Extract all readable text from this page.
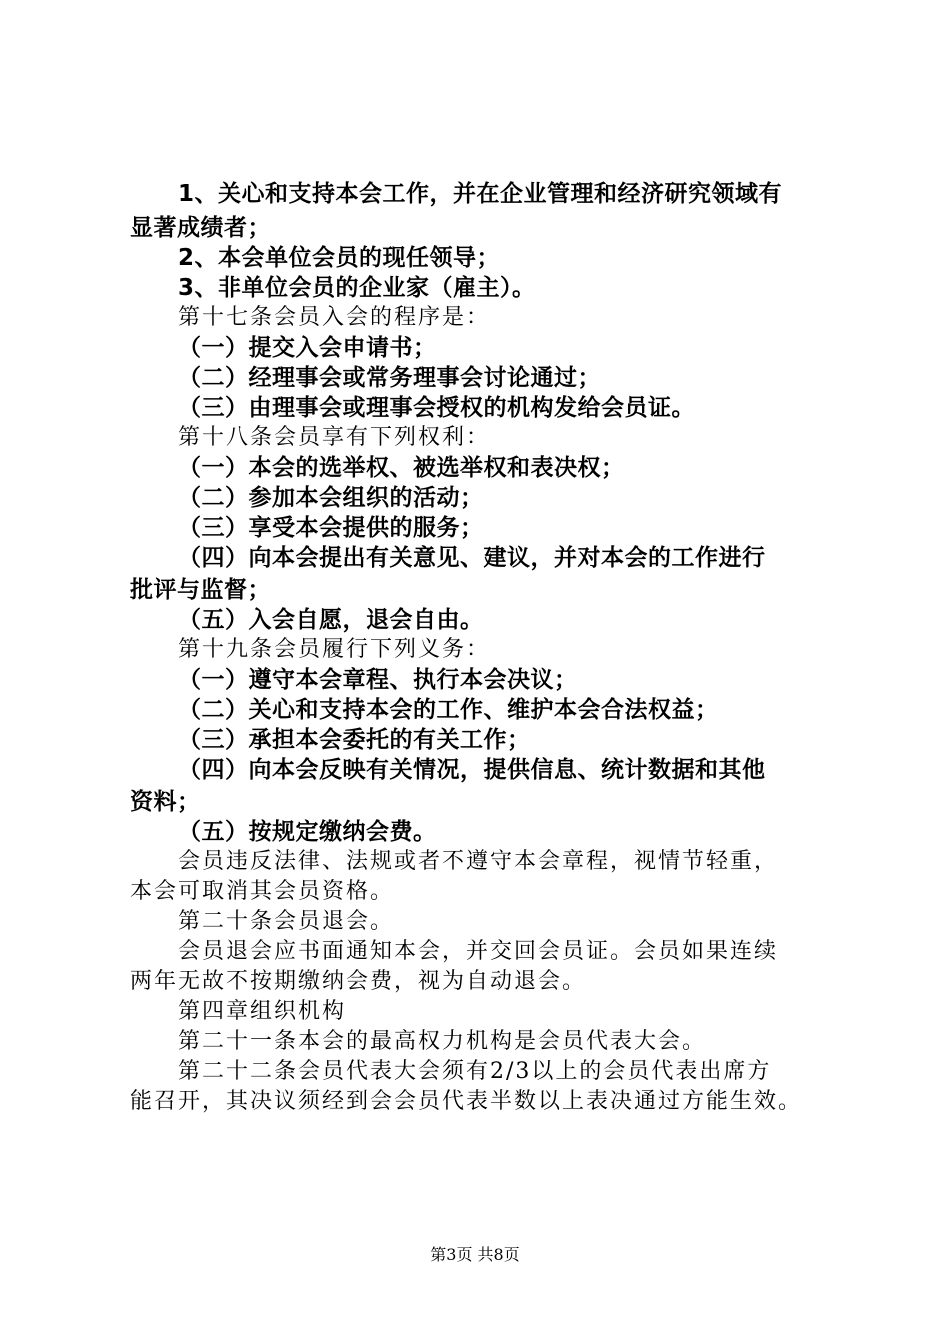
1、关心和支持本会工作，并在企业管理和经济研究领域有
显著成绩者；
2、本会单位会员的现任领导；
3、非单位会员的企业家（雇主）。
第十七条会员入会的程序是：
（一）提交入会申请书；
（二）经理事会或常务理事会讨论通过；
（三）由理事会或理事会授权的机构发给会员证。
第十八条会员享有下列权利：
（一）本会的选举权、被选举权和表决权；
（二）参加本会组织的活动；
（三）享受本会提供的服务；
（四）向本会提出有关意见、建议，并对本会的工作进行
批评与监督；
（五）入会自愿，退会自由。
第十九条会员履行下列义务：
（一）遵守本会章程、执行本会决议；
（二）关心和支持本会的工作、维护本会合法权益；
（三）承担本会委托的有关工作；
（四）向本会反映有关情况，提供信息、统计数据和其他
资料；
（五）按规定缴纳会费。
会员违反法律、法规或者不遵守本会章程，视情节轻重，
本会可取消其会员资格。
第二十条会员退会。
会员退会应书面通知本会，并交回会员证。会员如果连续
两年无故不按期缴纳会费，视为自动退会。
第四章组织机构
第二十一条本会的最高权力机构是会员代表大会。
第二十二条会员代表大会须有2/3以上的会员代表出席方
能召开，其决议须经到会会员代表半数以上表决通过方能生效。
第3页 共8页
